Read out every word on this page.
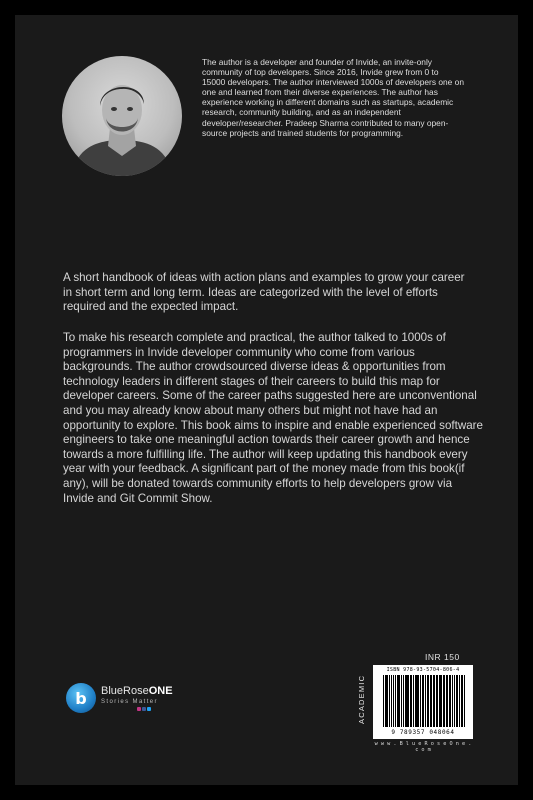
The author is a developer and founder of Invide, an invite-only community of top developers. Since 2016, Invide grew from 0 to 15000 developers. The author interviewed 1000s of developers one on one and learned from their diverse experiences. The author has experience working in different domains such as startups, academic research, community building, and as an independent developer/researcher. Pradeep Sharma contributed to many open-source projects and trained students for programming.

A short handbook of ideas with action plans and examples to grow your career in short term and long term. Ideas are categorized with the level of efforts required and the expected impact.

To make his research complete and practical, the author talked to 1000s of programmers in Invide developer community who come from various backgrounds. The author crowdsourced diverse ideas & opportunities from technology leaders in different stages of their careers to build this map for developer careers. Some of the career paths suggested here are unconventional and you may already know about many others but might not have had an opportunity to explore. This book aims to inspire and enable experienced software engineers to take one meaningful action towards their career growth and hence towards a more fulfilling life. The author will keep updating this handbook every year with your feedback. A significant part of the money made from this book(if any), will be donated towards community efforts to help developers grow via Invide and Git Commit Show.

b	BlueRoseONE
Stories Matter
INR 150
ACADEMIC
ISBN 978-93-5704-806-4
9 789357 048064
w w w . B l u e R o s e O n e . c o m
